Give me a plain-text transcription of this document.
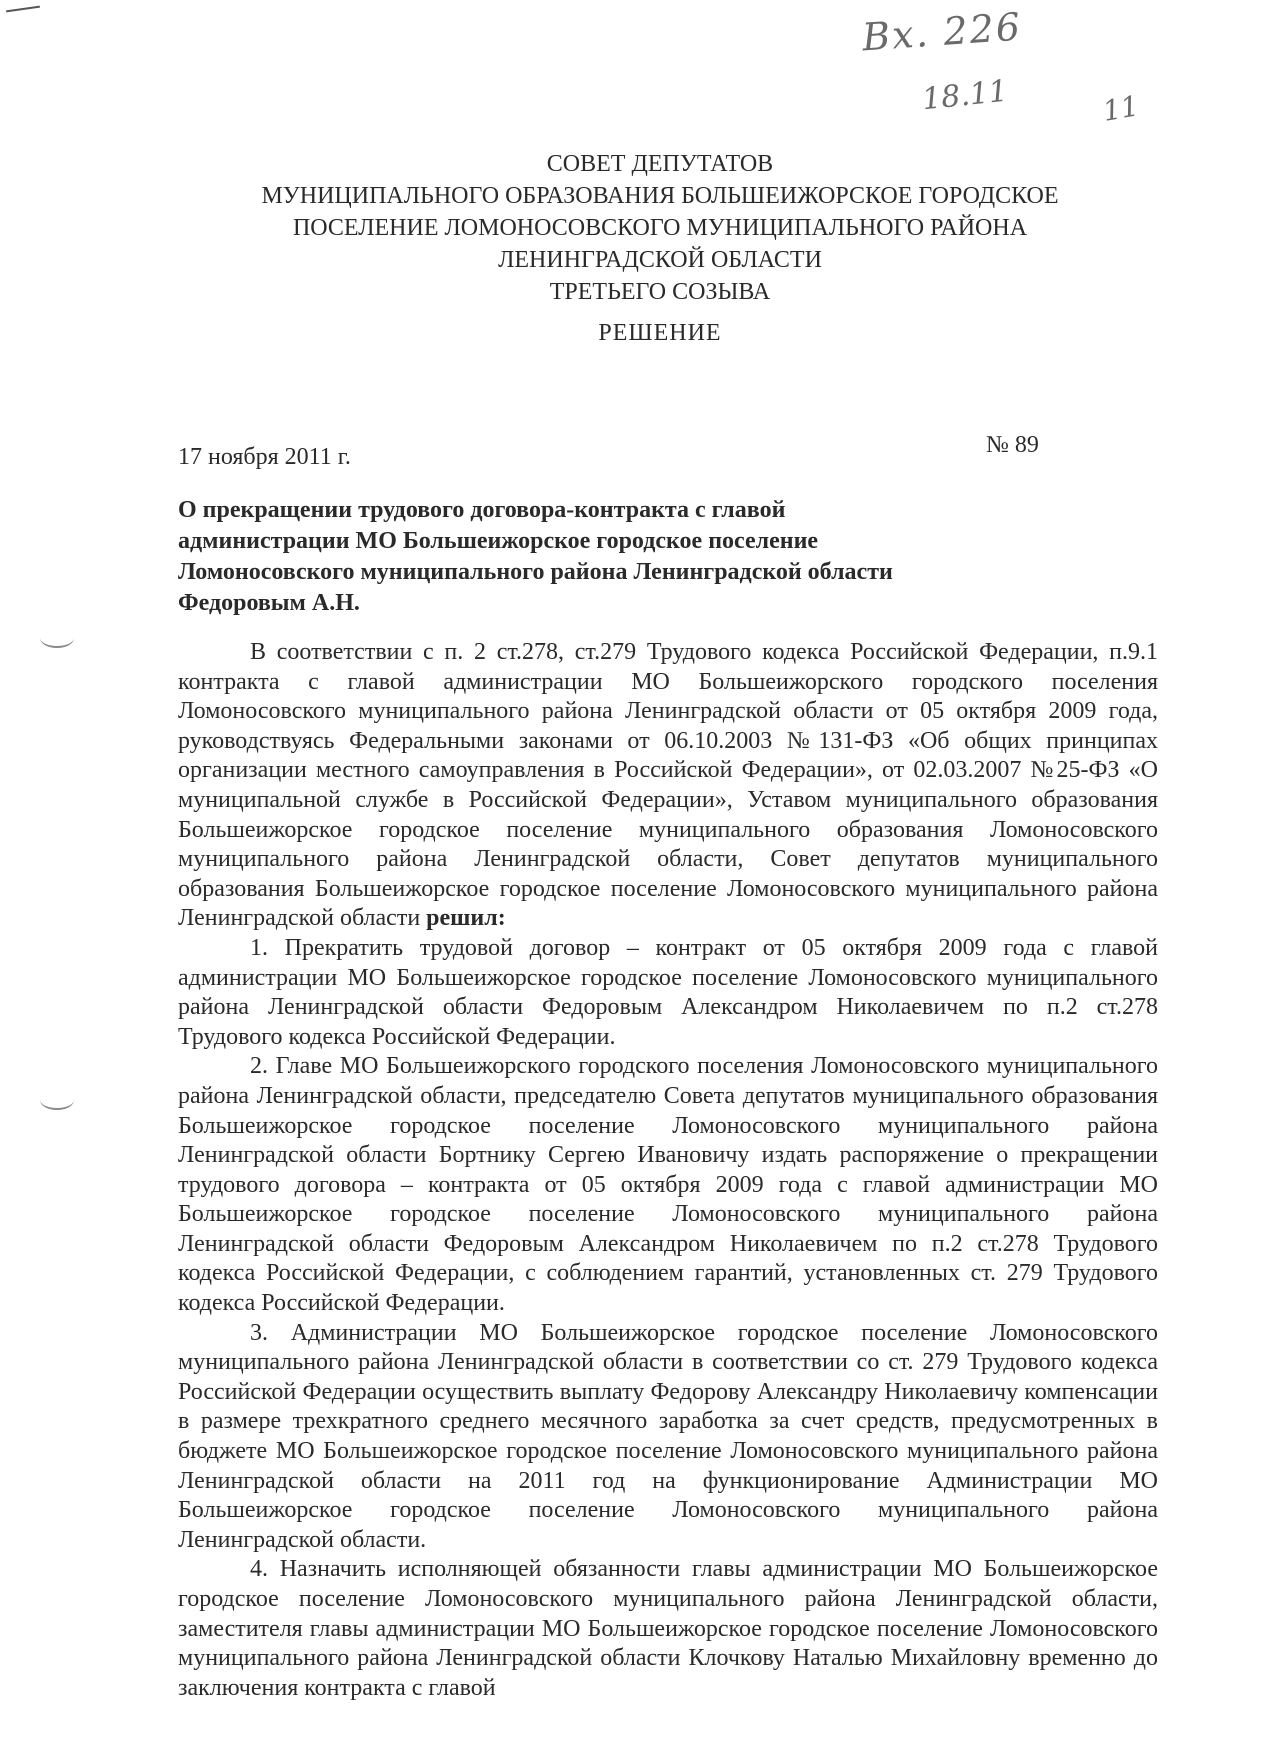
Вх. 226
18.11	11
СОВЕТ ДЕПУТАТОВ
МУНИЦИПАЛЬНОГО ОБРАЗОВАНИЯ БОЛЬШЕИЖОРСКОЕ ГОРОДСКОЕ
ПОСЕЛЕНИЕ ЛОМОНОСОВСКОГО МУНИЦИПАЛЬНОГО РАЙОНА
ЛЕНИНГРАДСКОЙ ОБЛАСТИ
ТРЕТЬЕГО СОЗЫВА
РЕШЕНИЕ
17 ноября 2011 г.	№ 89
О прекращении трудового договора-контракта с главой администрации МО Большеижорское городское поселение Ломоносовского муниципального района Ленинградской области Федоровым А.Н.

В соответствии с п. 2 ст.278, ст.279 Трудового кодекса Российской Федерации, п.9.1 контракта с главой администрации МО Большеижорского городского поселения Ломоносовского муниципального района Ленинградской области от 05 октября 2009 года, руководствуясь Федеральными законами от 06.10.2003 №131-ФЗ «Об общих принципах организации местного самоуправления в Российской Федерации», от 02.03.2007 №25-ФЗ «О муниципальной службе в Российской Федерации», Уставом муниципального образования Большеижорское городское поселение муниципального образования Ломоносовского муниципального района Ленинградской области, Совет депутатов муниципального образования Большеижорское городское поселение Ломоносовского муниципального района Ленинградской области решил:

1. Прекратить трудовой договор – контракт от 05 октября 2009 года с главой администрации МО Большеижорское городское поселение Ломоносовского муниципального района Ленинградской области Федоровым Александром Николаевичем по п.2 ст.278 Трудового кодекса Российской Федерации.

2. Главе МО Большеижорского городского поселения Ломоносовского муниципального района Ленинградской области, председателю Совета депутатов муниципального образования Большеижорское городское поселение Ломоносовского муниципального района Ленинградской области Бортнику Сергею Ивановичу издать распоряжение о прекращении трудового договора – контракта от 05 октября 2009 года с главой администрации МО Большеижорское городское поселение Ломоносовского муниципального района Ленинградской области Федоровым Александром Николаевичем по п.2 ст.278 Трудового кодекса Российской Федерации, с соблюдением гарантий, установленных ст. 279 Трудового кодекса Российской Федерации.

3. Администрации МО Большеижорское городское поселение Ломоносовского муниципального района Ленинградской области в соответствии со ст. 279 Трудового кодекса Российской Федерации осуществить выплату Федорову Александру Николаевичу компенсации в размере трехкратного среднего месячного заработка за счет средств, предусмотренных в бюджете МО Большеижорское городское поселение Ломоносовского муниципального района Ленинградской области на 2011 год на функционирование Администрации МО Большеижорское городское поселение Ломоносовского муниципального района Ленинградской области.

4. Назначить исполняющей обязанности главы администрации МО Большеижорское городское поселение Ломоносовского муниципального района Ленинградской области, заместителя главы администрации МО Большеижорское городское поселение Ломоносовского муниципального района Ленинградской области Клочкову Наталью Михайловну временно до заключения контракта с главой
